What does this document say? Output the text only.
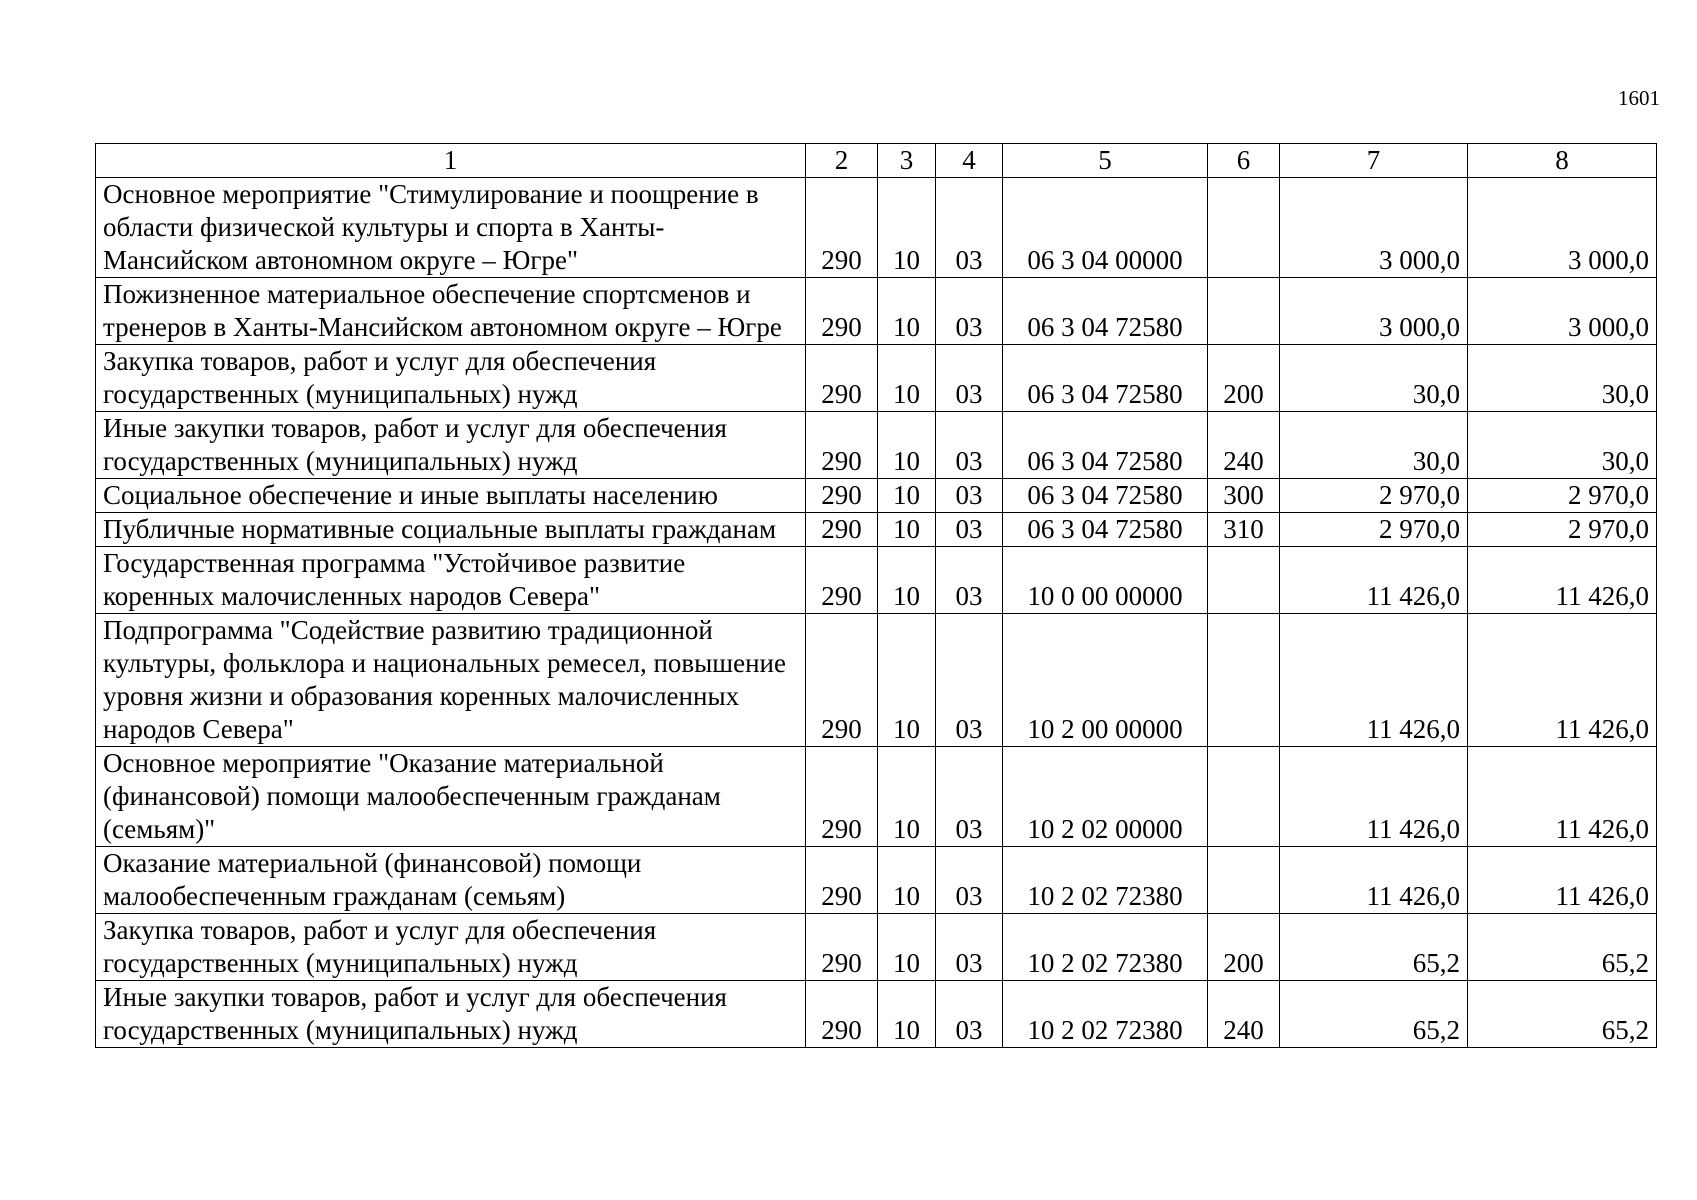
1601
1	2	3	4	5	6	7	8
Основное мероприятие "Стимулирование и поощрение в области физической культуры и спорта в Ханты-Мансийском автономном округе – Югре"	290	10	03	06 3 04 00000		3 000,0	3 000,0
Пожизненное материальное обеспечение спортсменов и тренеров в Ханты-Мансийском автономном округе – Югре	290	10	03	06 3 04 72580		3 000,0	3 000,0
Закупка товаров, работ и услуг для обеспечения государственных (муниципальных) нужд	290	10	03	06 3 04 72580	200	30,0	30,0
Иные закупки товаров, работ и услуг для обеспечения государственных (муниципальных) нужд	290	10	03	06 3 04 72580	240	30,0	30,0
Социальное обеспечение и иные выплаты населению	290	10	03	06 3 04 72580	300	2 970,0	2 970,0
Публичные нормативные социальные выплаты гражданам	290	10	03	06 3 04 72580	310	2 970,0	2 970,0
Государственная программа "Устойчивое развитие коренных малочисленных народов Севера"	290	10	03	10 0 00 00000		11 426,0	11 426,0
Подпрограмма "Содействие развитию традиционной культуры, фольклора и национальных ремесел, повышение уровня жизни и образования коренных малочисленных народов Севера"	290	10	03	10 2 00 00000		11 426,0	11 426,0
Основное мероприятие "Оказание материальной (финансовой) помощи малообеспеченным гражданам (семьям)"	290	10	03	10 2 02 00000		11 426,0	11 426,0
Оказание материальной (финансовой) помощи малообеспеченным гражданам (семьям)	290	10	03	10 2 02 72380		11 426,0	11 426,0
Закупка товаров, работ и услуг для обеспечения государственных (муниципальных) нужд	290	10	03	10 2 02 72380	200	65,2	65,2
Иные закупки товаров, работ и услуг для обеспечения государственных (муниципальных) нужд	290	10	03	10 2 02 72380	240	65,2	65,2
